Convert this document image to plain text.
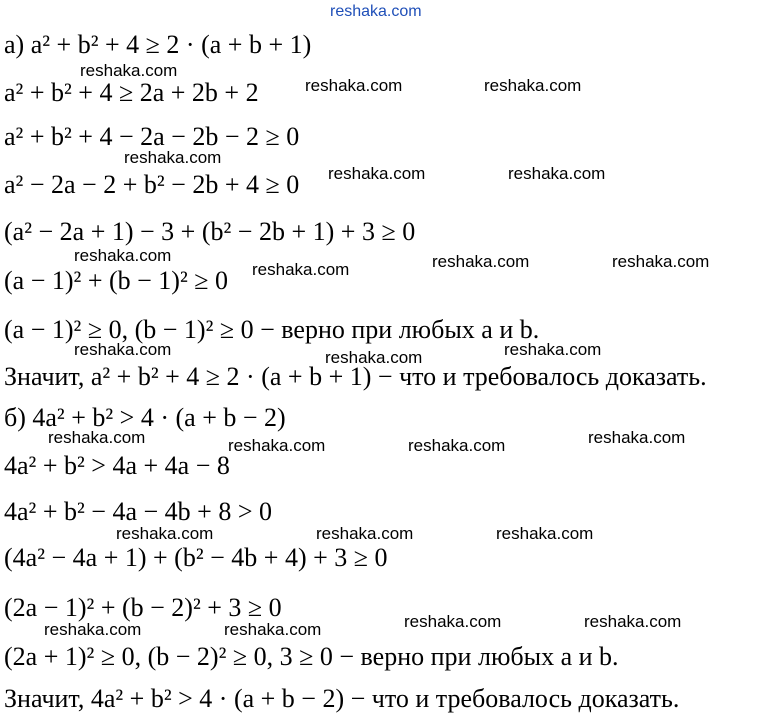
reshaka.com
а) a² + b² + 4 ≥ 2 · (a + b + 1)
a² + b² + 4 ≥ 2a + 2b + 2
a² + b² + 4 − 2a − 2b − 2 ≥ 0
a² − 2a − 2 + b² − 2b + 4 ≥ 0
(a² − 2a + 1) − 3 + (b² − 2b + 1) + 3 ≥ 0
(a − 1)² + (b − 1)² ≥ 0
(a − 1)² ≥ 0, (b − 1)² ≥ 0 − верно при любых a и b.
Значит, a² + b² + 4 ≥ 2 · (a + b + 1) − что и требовалось доказать.
б) 4a² + b² > 4 · (a + b − 2)
4a² + b² > 4a + 4a − 8
4a² + b² − 4a − 4b + 8 > 0
(4a² − 4a + 1) + (b² − 4b + 4) + 3 ≥ 0
(2a − 1)² + (b − 2)² + 3 ≥ 0
(2a + 1)² ≥ 0, (b − 2)² ≥ 0, 3 ≥ 0 − верно при любых a и b.
Значит, 4a² + b² > 4 · (a + b − 2) − что и требовалось доказать.
reshaka.com
reshaka.com	reshaka.com
reshaka.com
reshaka.com	reshaka.com
reshaka.com
reshaka.com	reshaka.com	reshaka.com
reshaka.com	reshaka.com	reshaka.com
reshaka.com	reshaka.com	reshaka.com	reshaka.com
reshaka.com	reshaka.com	reshaka.com
reshaka.com	reshaka.com
reshaka.com	reshaka.com
